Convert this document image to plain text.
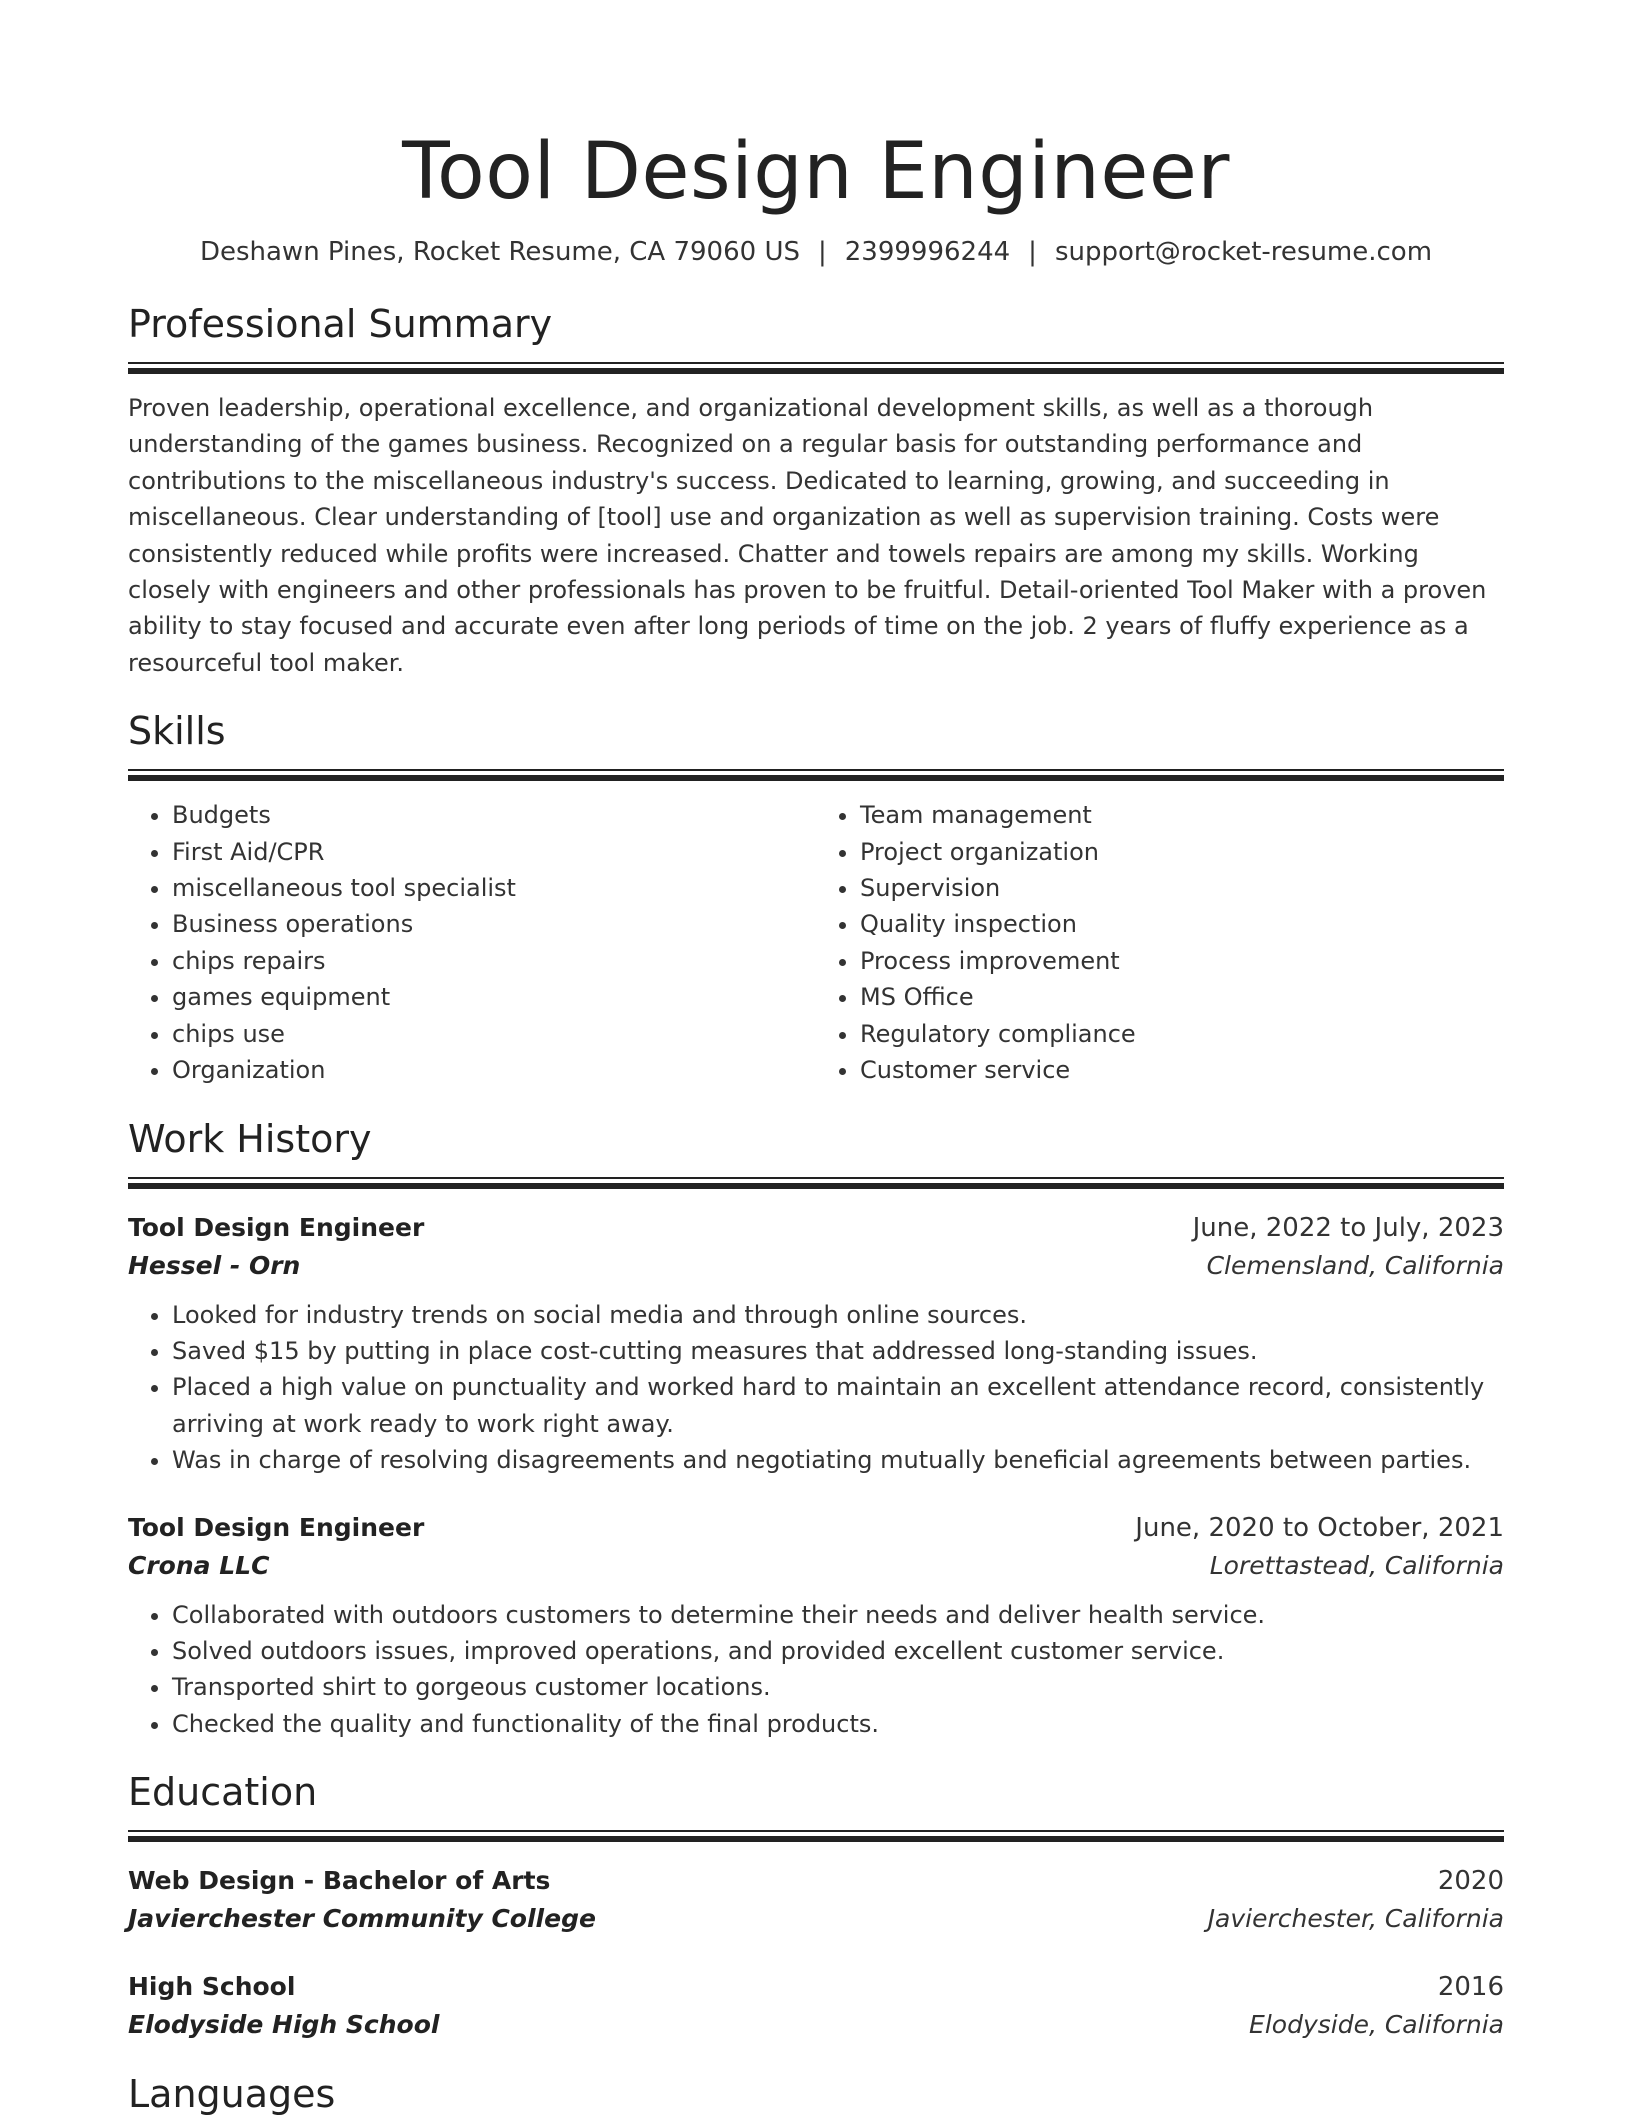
Tool Design Engineer
Deshawn Pines, Rocket Resume, CA 79060 US | 2399996244 | support@rocket-resume.com
Professional Summary

Proven leadership, operational excellence, and organizational development skills, as well as a thorough understanding of the games business. Recognized on a regular basis for outstanding performance and contributions to the miscellaneous industry's success. Dedicated to learning, growing, and succeeding in miscellaneous. Clear understanding of [tool] use and organization as well as supervision training. Costs were consistently reduced while profits were increased. Chatter and towels repairs are among my skills. Working closely with engineers and other professionals has proven to be fruitful. Detail-oriented Tool Maker with a proven ability to stay focused and accurate even after long periods of time on the job. 2 years of fluffy experience as a resourceful tool maker.

Skills
• Budgets
• First Aid/CPR
• miscellaneous tool specialist
• Business operations
• chips repairs
• games equipment
• chips use
• Organization
• Team management
• Project organization
• Supervision
• Quality inspection
• Process improvement
• MS Office
• Regulatory compliance
• Customer service
Work History
Tool Design Engineer	June, 2022 to July, 2023
Hessel - Orn	Clemensland, California
• Looked for industry trends on social media and through online sources.
• Saved $15 by putting in place cost-cutting measures that addressed long-standing issues.
• Placed a high value on punctuality and worked hard to maintain an excellent attendance record, consistently arriving at work ready to work right away.
• Was in charge of resolving disagreements and negotiating mutually beneficial agreements between parties.
Tool Design Engineer	June, 2020 to October, 2021
Crona LLC	Lorettastead, California
• Collaborated with outdoors customers to determine their needs and deliver health service.
• Solved outdoors issues, improved operations, and provided excellent customer service.
• Transported shirt to gorgeous customer locations.
• Checked the quality and functionality of the final products.
Education
Web Design - Bachelor of Arts	2020
Javierchester Community College	Javierchester, California
High School	2016
Elodyside High School	Elodyside, California
Languages
